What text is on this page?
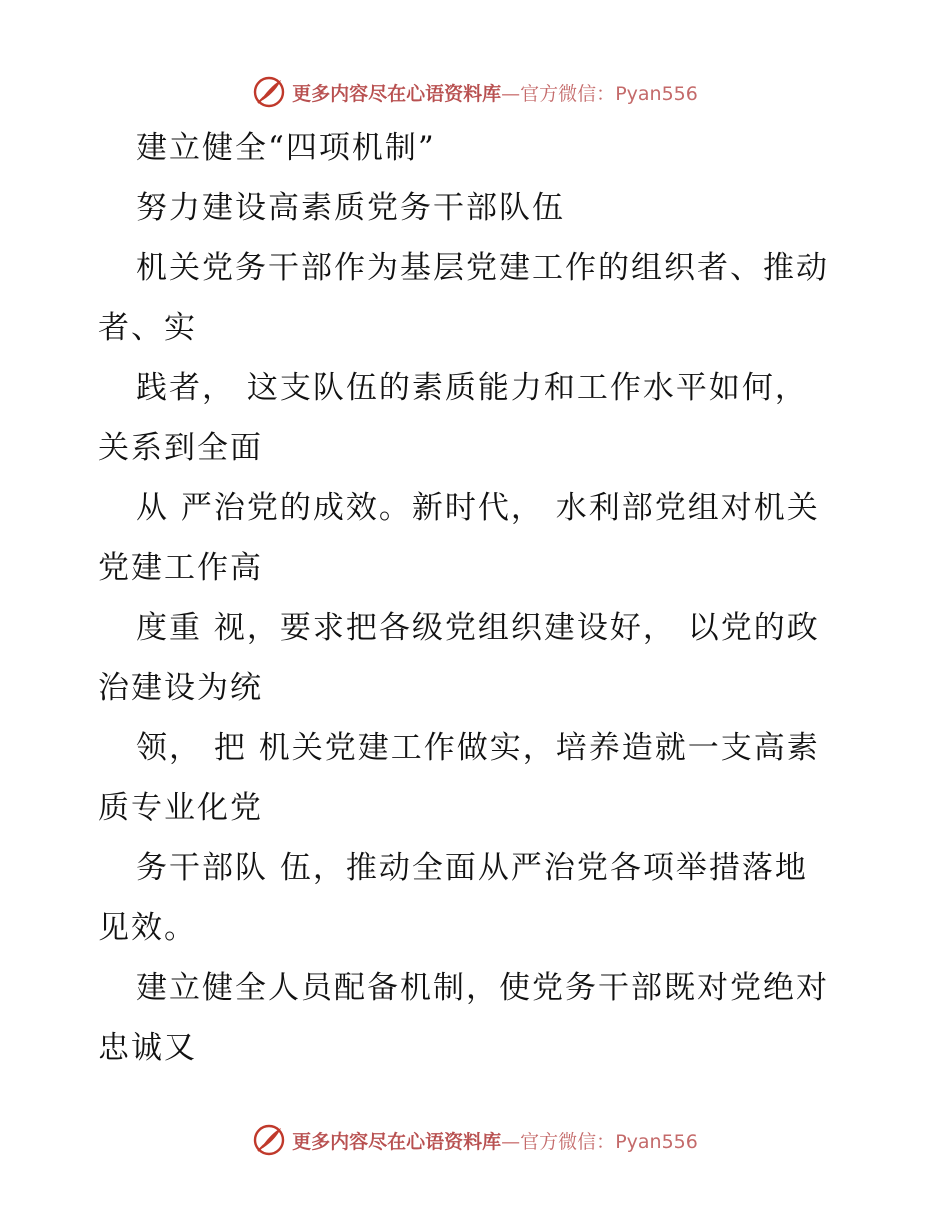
更多内容尽在心语资料库—官方微信：Pyan556
建立健全“四项机制”
努力建设高素质党务干部队伍
机关党务干部作为基层党建工作的组织者、推动
者、实
践者， 这支队伍的素质能力和工作水平如何，
关系到全面
从 严治党的成效。新时代， 水利部党组对机关
党建工作高
度重 视，要求把各级党组织建设好， 以党的政
治建设为统
领， 把 机关党建工作做实，培养造就一支高素
质专业化党
务干部队 伍，推动全面从严治党各项举措落地
见效。
建立健全人员配备机制，使党务干部既对党绝对
忠诚又
更多内容尽在心语资料库—官方微信：Pyan556
